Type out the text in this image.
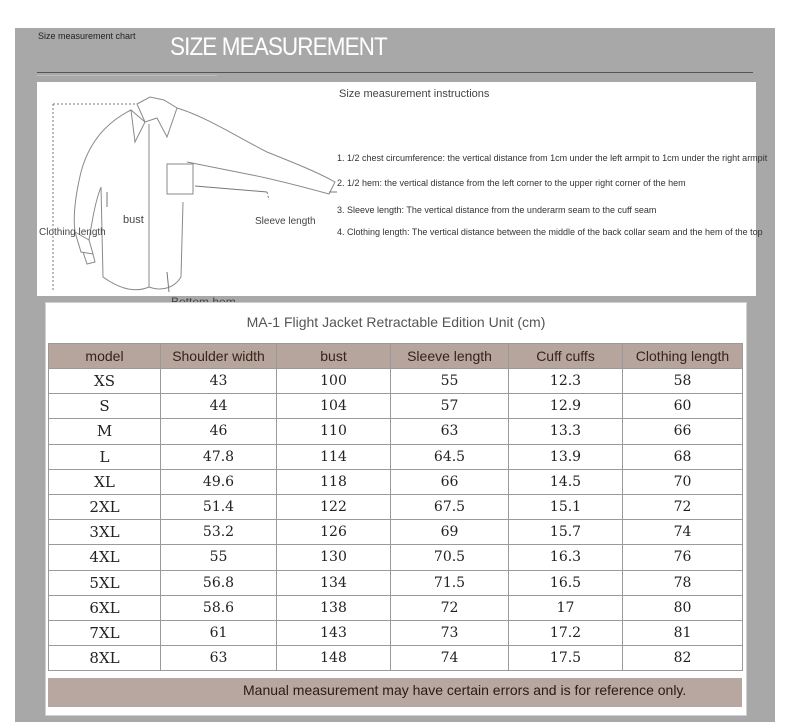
Size measurement chart SIZE MEASUREMENT
Clothing length
bust	Sleeve length
Size measurement instructions
1. 1/2 chest circumference: the vertical distance from 1cm under the left armpit to 1cm under the right armpit
2. 1/2 hem: the vertical distance from the left corner to the upper right corner of the hem
3. Sleeve length: The vertical distance from the underarm seam to the cuff seam
4. Clothing length: The vertical distance between the middle of the back collar seam and the hem of the top
MA-1 Flight Jacket Retractable Edition Unit (cm)
model	Shoulder width	bust	Sleeve length	Cuff cuffs	Clothing length
XS	43	100	55	12.3	58
S	44	104	57	12.9	60
M	46	110	63	13.3	66
L	47.8	114	64.5	13.9	68
XL	49.6	118	66	14.5	70
2XL	51.4	122	67.5	15.1	72
3XL	53.2	126	69	15.7	74
4XL	55	130	70.5	16.3	76
5XL	56.8	134	71.5	16.5	78
6XL	58.6	138	72	17	80
7XL	61	143	73	17.2	81
8XL	63	148	74	17.5	82
Manual measurement may have certain errors and is for reference only.
